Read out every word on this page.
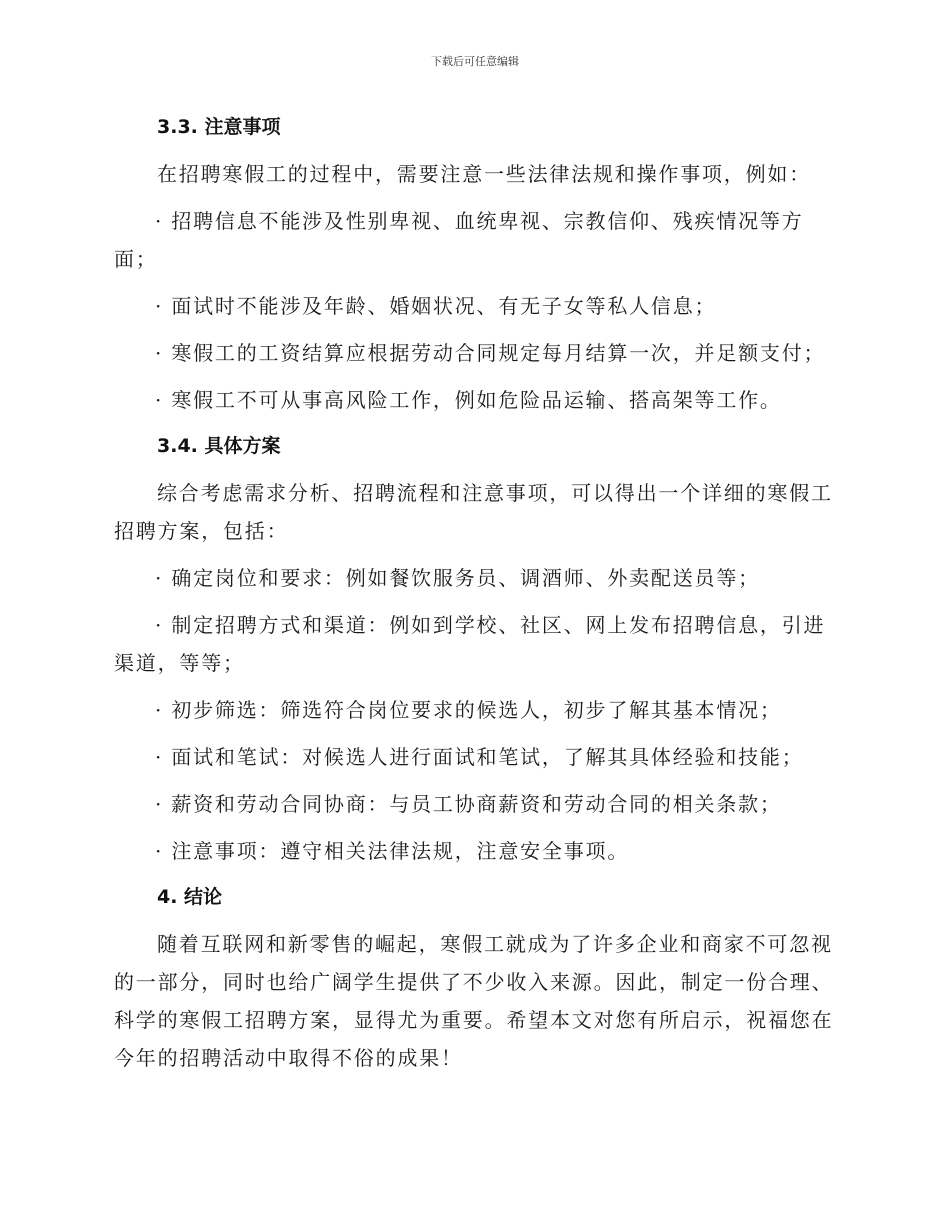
下载后可任意编辑
3.3. 注意事项

在招聘寒假工的过程中，需要注意一些法律法规和操作事项，例如：

· 招聘信息不能涉及性别卑视、血统卑视、宗教信仰、残疾情况等方面；

· 面试时不能涉及年龄、婚姻状况、有无子女等私人信息；

· 寒假工的工资结算应根据劳动合同规定每月结算一次，并足额支付；

· 寒假工不可从事高风险工作，例如危险品运输、搭高架等工作。

3.4. 具体方案

综合考虑需求分析、招聘流程和注意事项，可以得出一个详细的寒假工招聘方案，包括：

· 确定岗位和要求：例如餐饮服务员、调酒师、外卖配送员等；

· 制定招聘方式和渠道：例如到学校、社区、网上发布招聘信息，引进渠道，等等；

· 初步筛选：筛选符合岗位要求的候选人，初步了解其基本情况；

· 面试和笔试：对候选人进行面试和笔试，了解其具体经验和技能；

· 薪资和劳动合同协商：与员工协商薪资和劳动合同的相关条款；

· 注意事项：遵守相关法律法规，注意安全事项。

4. 结论

随着互联网和新零售的崛起，寒假工就成为了许多企业和商家不可忽视的一部分，同时也给广阔学生提供了不少收入来源。因此，制定一份合理、科学的寒假工招聘方案，显得尤为重要。希望本文对您有所启示，祝福您在今年的招聘活动中取得不俗的成果！
